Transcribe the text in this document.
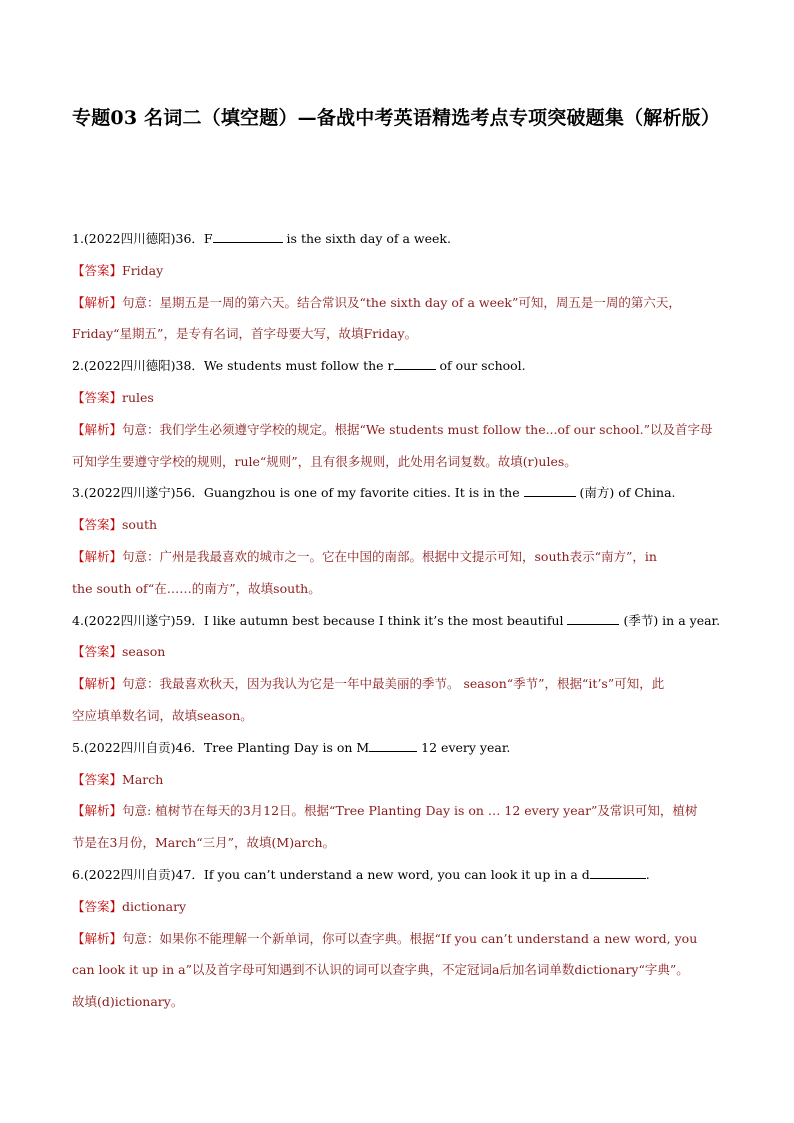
专题03 名词二（填空题）—备战中考英语精选考点专项突破题集（解析版）
1.(2022四川德阳)36．F	is the sixth day of a week.
【答案】Friday
【解析】句意：星期五是一周的第六天。结合常识及“the sixth day of a week”可知，周五是一周的第六天，
Friday“星期五”，是专有名词，首字母要大写，故填Friday。
2.(2022四川德阳)38．We students must follow the r	of our school.
【答案】rules
【解析】句意：我们学生必须遵守学校的规定。根据“We students must follow the...of our school.”以及首字母
可知学生要遵守学校的规则，rule“规则”，且有很多规则，此处用名词复数。故填(r)ules。
3.(2022四川遂宁)56．Guangzhou is one of my favorite cities. It is in the	(南方) of China.
【答案】south
【解析】句意：广州是我最喜欢的城市之一。它在中国的南部。根据中文提示可知，south表示“南方”，in
the south of“在……的南方”，故填south。
4.(2022四川遂宁)59．I like autumn best because I think it’s the most beautiful	(季节) in a year.
【答案】season
【解析】句意：我最喜欢秋天，因为我认为它是一年中最美丽的季节。 season“季节”，根据“it’s”可知，此
空应填单数名词，故填season。
5.(2022四川自贡)46．Tree Planting Day is on M	12 every year.
【答案】March
【解析】句意: 植树节在每天的3月12日。根据“Tree Planting Day is on … 12 every year”及常识可知，植树
节是在3月份，March“三月”，故填(M)arch。
6.(2022四川自贡)47．If you can’t understand a new word, you can look it up in a d	.
【答案】dictionary
【解析】句意：如果你不能理解一个新单词，你可以查字典。根据“If you can’t understand a new word, you
can look it up in a”以及首字母可知遇到不认识的词可以查字典，不定冠词a后加名词单数dictionary“字典”。
故填(d)ictionary。
